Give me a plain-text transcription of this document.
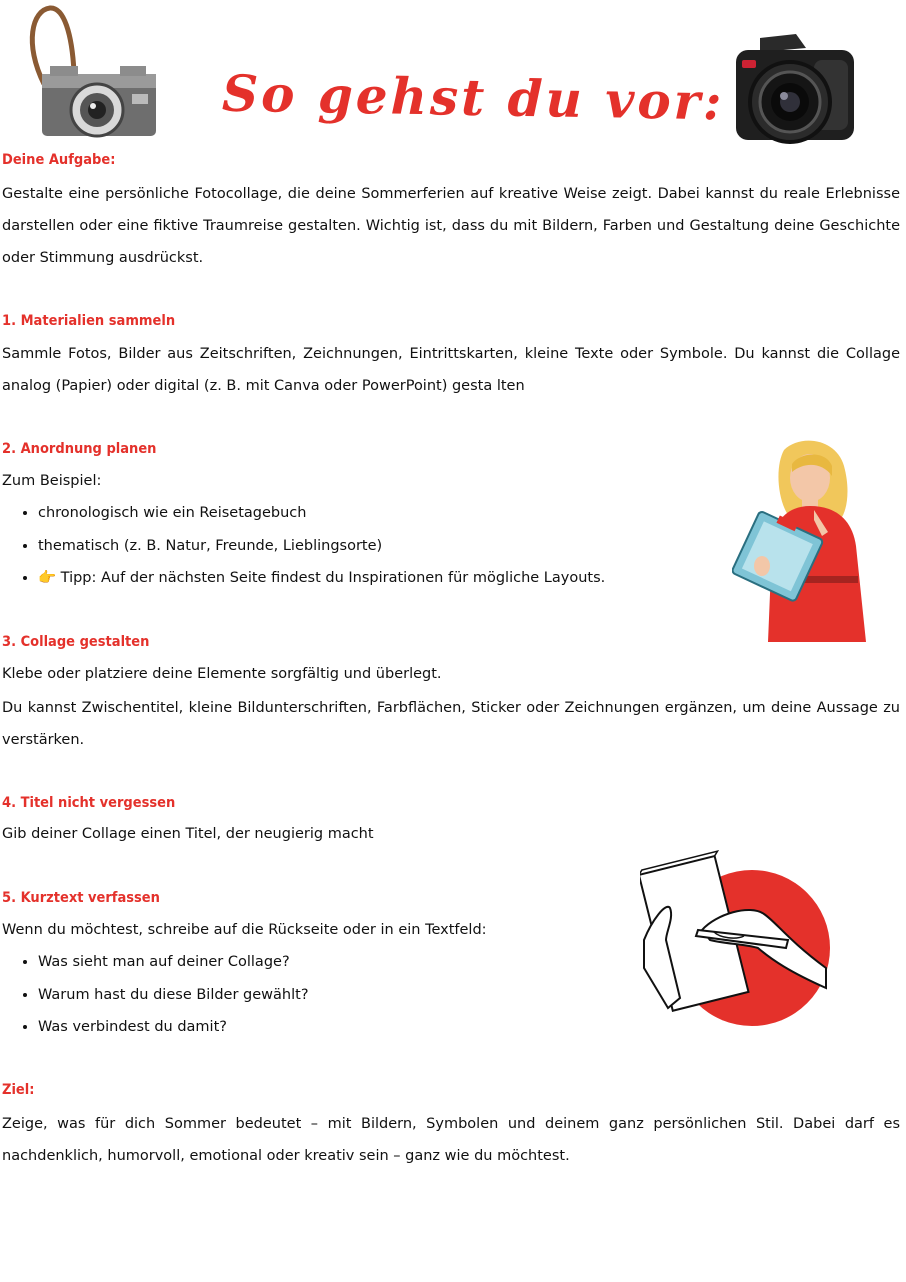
So gehst du vor:
Deine Aufgabe:
Gestalte eine persönliche Fotocollage, die deine Sommerferien auf kreative Weise zeigt. Dabei kannst du reale Erlebnisse darstellen oder eine fiktive Traumreise gestalten. Wichtig ist, dass du mit Bildern, Farben und Gestaltung deine Geschichte oder Stimmung ausdrückst.
1. Materialien sammeln
Sammle Fotos, Bilder aus Zeitschriften, Zeichnungen, Eintrittskarten, kleine Texte oder Symbole. Du kannst die Collage analog (Papier) oder digital (z. B. mit Canva oder PowerPoint) gesta lten
2. Anordnung planen
Zum Beispiel:
• chronologisch wie ein Reisetagebuch
• thematisch (z. B. Natur, Freunde, Lieblingsorte)
• 👉 Tipp: Auf der nächsten Seite findest du Inspirationen für mögliche Layouts.
3. Collage gestalten
Klebe oder platziere deine Elemente sorgfältig und überlegt.
Du kannst Zwischentitel, kleine Bildunterschriften, Farbflächen, Sticker oder Zeichnungen ergänzen, um deine Aussage zu verstärken.
4. Titel nicht vergessen
Gib deiner Collage einen Titel, der neugierig macht
5. Kurztext verfassen
Wenn du möchtest, schreibe auf die Rückseite oder in ein Textfeld:
• Was sieht man auf deiner Collage?
• Warum hast du diese Bilder gewählt?
• Was verbindest du damit?
Ziel:
Zeige, was für dich Sommer bedeutet – mit Bildern, Symbolen und deinem ganz persönlichen Stil. Dabei darf es nachdenklich, humorvoll, emotional oder kreativ sein – ganz wie du möchtest.
